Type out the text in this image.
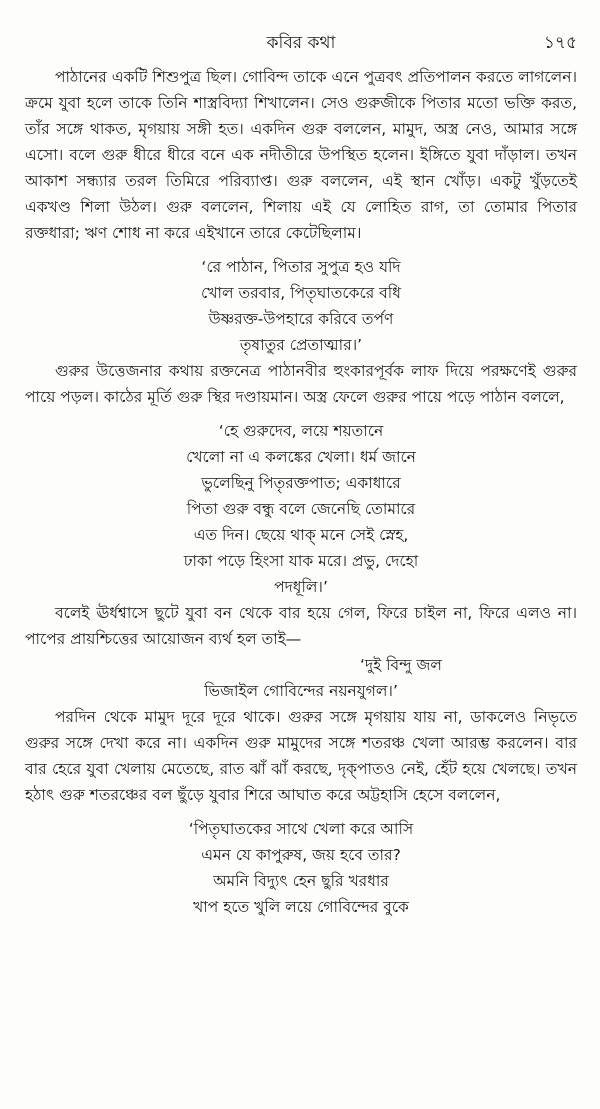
কবির কথা	১৭৫

পাঠানের একটি শিশুপুত্র ছিল। গোবিন্দ তাকে এনে পুত্রবৎ প্রতিপালন করতে লাগলেন। ক্রমে যুবা হলে তাকে তিনি শাস্ত্রবিদ্যা শিখালেন। সেও গুরুজীকে পিতার মতো ভক্তি করত, তাঁর সঙ্গে থাকত, মৃগয়ায় সঙ্গী হত। একদিন গুরু বললেন, মামুদ, অস্ত্র নেও, আমার সঙ্গে এসো। বলে গুরু ধীরে ধীরে বনে এক নদীতীরে উপস্থিত হলেন। ইঙ্গিতে যুবা দাঁড়াল। তখন আকাশ সন্ধ্যার তরল তিমিরে পরিব্যাপ্ত। গুরু বললেন, এই স্থান খোঁড়। একটু খুঁড়তেই একখণ্ড শিলা উঠল। গুরু বললেন, শিলায় এই যে লোহিত রাগ, তা তোমার পিতার রক্তধারা; ঋণ শোধ না করে এইখানে তারে কেটেছিলাম।

‘রে পাঠান, পিতার সুপুত্র হও যদি
খোল তরবার, পিতৃঘাতকেরে বধি
উষ্ণরক্ত-উপহারে করিবে তর্পণ
তৃষাতুর প্রেতাত্মার।’

গুরুর উত্তেজনার কথায় রক্তনেত্র পাঠানবীর হুংকারপূর্বক লাফ দিয়ে পরক্ষণেই গুরুর পায়ে পড়ল। কাঠের মূর্তি গুরু স্থির দণ্ডায়মান। অস্ত্র ফেলে গুরুর পায়ে পড়ে পাঠান বললে,

‘হে গুরুদেব, লয়ে শয়তানে
খেলো না এ কলঙ্কের খেলা। ধর্ম জানে
ভুলেছিনু পিতৃরক্তপাত; একাধারে
পিতা গুরু বন্ধু বলে জেনেছি তোমারে
এত দিন। ছেয়ে থাক্ মনে সেই স্নেহ,
ঢাকা পড়ে হিংসা যাক মরে। প্রভু, দেহো
পদধূলি।’

বলেই ঊর্ধশ্বাসে ছুটে যুবা বন থেকে বার হয়ে গেল, ফিরে চাইল না, ফিরে এলও না। পাপের প্রায়শ্চিত্তের আয়োজন ব্যর্থ হল তাই—

‘দুই বিন্দু জল
ভিজাইল গোবিন্দের নয়নযুগল।’

পরদিন থেকে মামুদ দূরে দূরে থাকে। গুরুর সঙ্গে মৃগয়ায় যায় না, ডাকলেও নিভৃতে গুরুর সঙ্গে দেখা করে না। একদিন গুরু মামুদের সঙ্গে শতরঞ্চ খেলা আরম্ভ করলেন। বার বার হেরে যুবা খেলায় মেতেছে, রাত ঝাঁ ঝাঁ করছে, দৃক্‌পাতও নেই, হেঁট হয়ে খেলছে। তখন হঠাৎ গুরু শতরঞ্চের বল ছুঁড়ে যুবার শিরে আঘাত করে অট্টহাসি হেসে বললেন,

‘পিতৃঘাতকের সাথে খেলা করে আসি
এমন যে কাপুরুষ, জয় হবে তার?
অমনি বিদ্যুৎ হেন ছুরি খরধার
খাপ হতে খুলি লয়ে গোবিন্দের বুকে
